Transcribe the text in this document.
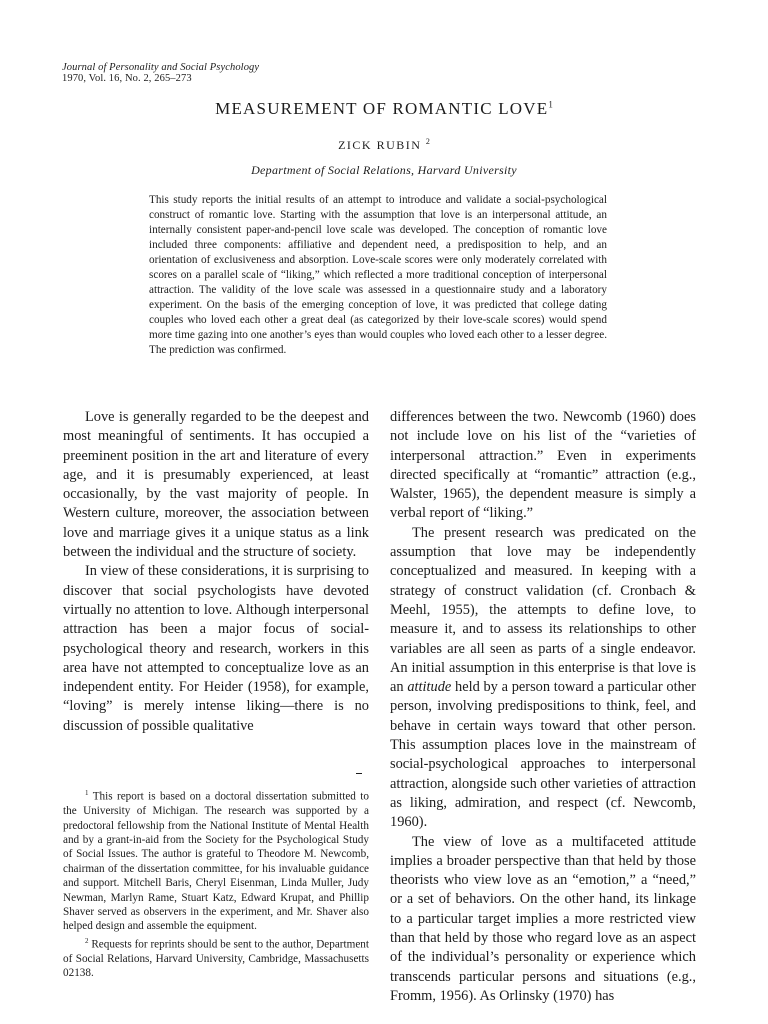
Journal of Personality and Social Psychology
1970, Vol. 16, No. 2, 265–273
MEASUREMENT OF ROMANTIC LOVE$^1$
ZICK RUBIN $^2$
Department of Social Relations, Harvard University

This study reports the initial results of an attempt to introduce and validate a social-psychological construct of romantic love. Starting with the assumption that love is an interpersonal attitude, an internally consistent paper-and-pencil love scale was developed. The conception of romantic love included three components: affiliative and dependent need, a predisposition to help, and an orientation of exclusiveness and absorption. Love-scale scores were only moderately correlated with scores on a parallel scale of “liking,” which reflected a more traditional conception of interpersonal attraction. The validity of the love scale was assessed in a questionnaire study and a laboratory experiment. On the basis of the emerging conception of love, it was predicted that college dating couples who loved each other a great deal (as categorized by their love-scale scores) would spend more time gazing into one another’s eyes than would couples who loved each other to a lesser degree. The prediction was confirmed.

Love is generally regarded to be the deepest and most meaningful of sentiments. It has occupied a preeminent position in the art and literature of every age, and it is presumably experienced, at least occasionally, by the vast majority of people. In Western culture, moreover, the association between love and marriage gives it a unique status as a link between the individual and the structure of society.

In view of these considerations, it is surprising to discover that social psychologists have devoted virtually no attention to love. Although interpersonal attraction has been a major focus of social-psychological theory and research, workers in this area have not attempted to conceptualize love as an independent entity. For Heider (1958), for example, “loving” is merely intense liking—there is no discussion of possible qualitative

$^1$ This report is based on a doctoral dissertation submitted to the University of Michigan. The research was supported by a predoctoral fellowship from the National Institute of Mental Health and by a grant-in-aid from the Society for the Psychological Study of Social Issues. The author is grateful to Theodore M. Newcomb, chairman of the dissertation committee, for his invaluable guidance and support. Mitchell Baris, Cheryl Eisenman, Linda Muller, Judy Newman, Marlyn Rame, Stuart Katz, Edward Krupat, and Phillip Shaver served as observers in the experiment, and Mr. Shaver also helped design and assemble the equipment.

$^2$ Requests for reprints should be sent to the author, Department of Social Relations, Harvard University, Cambridge, Massachusetts 02138.

differences between the two. Newcomb (1960) does not include love on his list of the “varieties of interpersonal attraction.” Even in experiments directed specifically at “romantic” attraction (e.g., Walster, 1965), the dependent measure is simply a verbal report of “liking.”

The present research was predicated on the assumption that love may be independently conceptualized and measured. In keeping with a strategy of construct validation (cf. Cronbach & Meehl, 1955), the attempts to define love, to measure it, and to assess its relationships to other variables are all seen as parts of a single endeavor. An initial assumption in this enterprise is that love is an attitude held by a person toward a particular other person, involving predispositions to think, feel, and behave in certain ways toward that other person. This assumption places love in the mainstream of social-psychological approaches to interpersonal attraction, alongside such other varieties of attraction as liking, admiration, and respect (cf. Newcomb, 1960).

The view of love as a multifaceted attitude implies a broader perspective than that held by those theorists who view love as an “emotion,” a “need,” or a set of behaviors. On the other hand, its linkage to a particular target implies a more restricted view than that held by those who regard love as an aspect of the individual’s personality or experience which transcends particular persons and situations (e.g., Fromm, 1956). As Orlinsky (1970) has
